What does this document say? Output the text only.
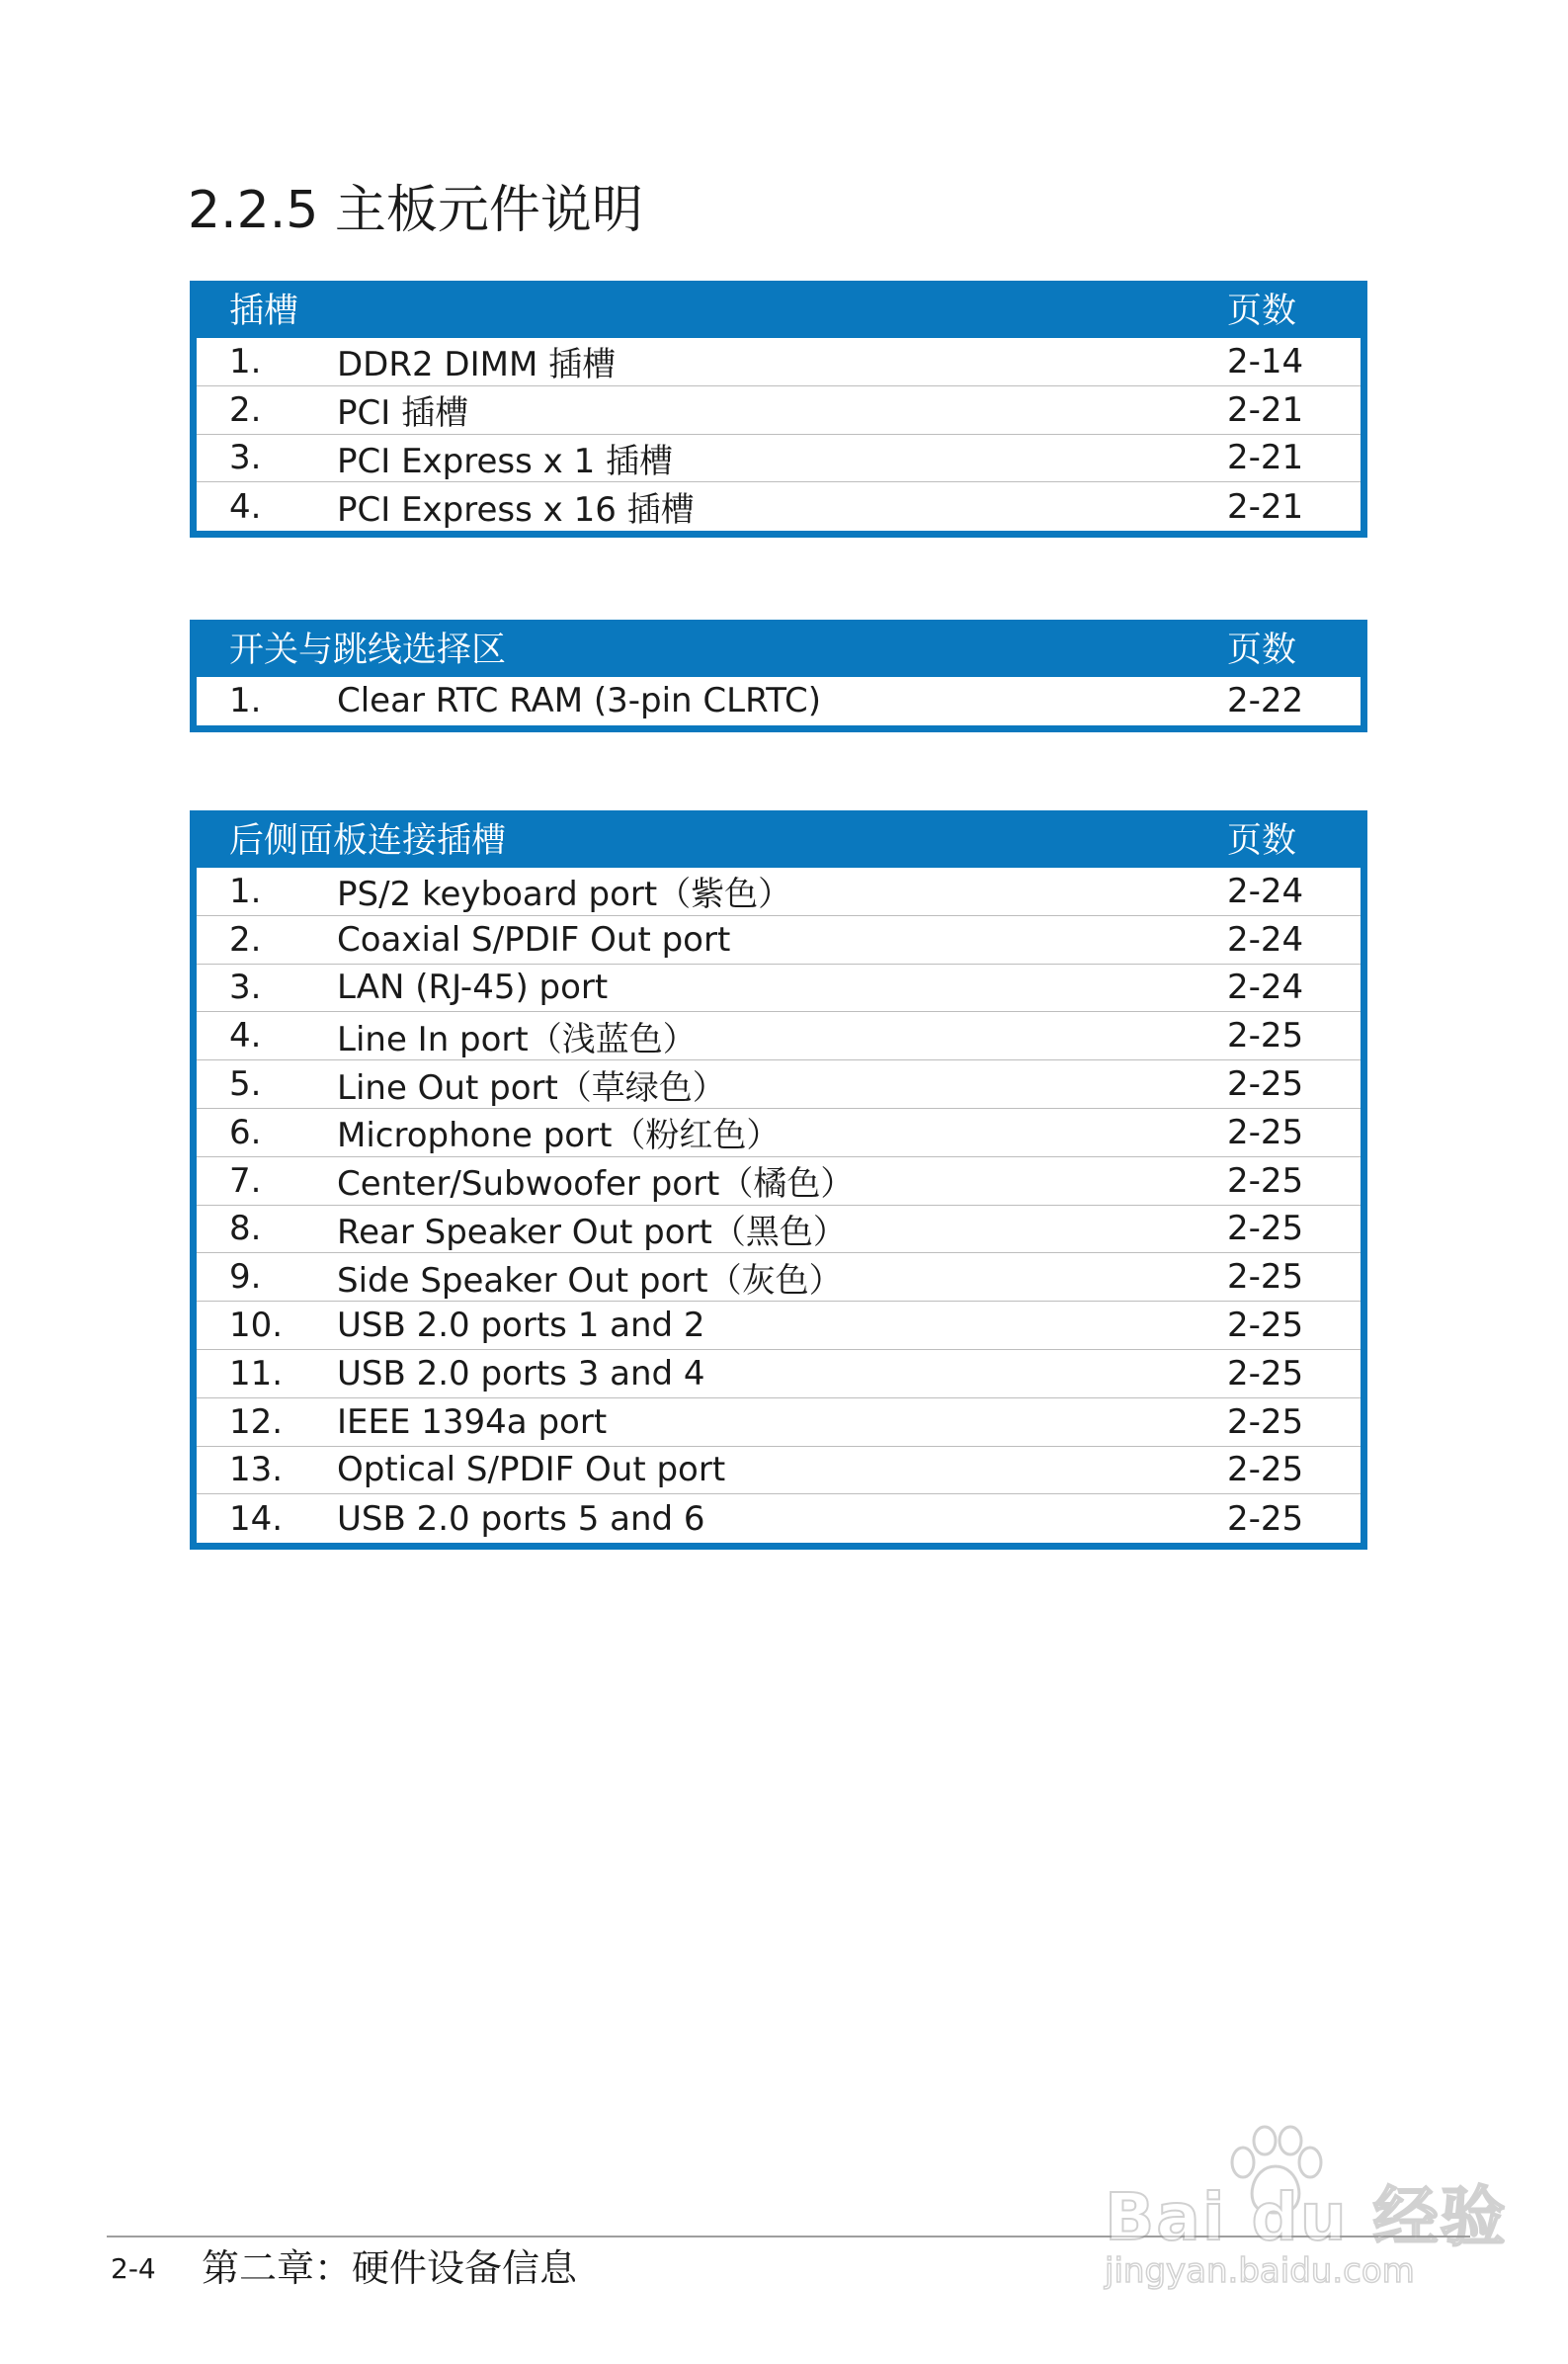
2.2.5 主板元件说明
插槽	页数
1.	DDR2 DIMM 插槽	2-14
2.	PCI 插槽	2-21
3.	PCI Express x 1 插槽	2-21
4.	PCI Express x 16 插槽	2-21
开关与跳线选择区	页数
1.	Clear RTC RAM (3-pin CLRTC)	2-22
后侧面板连接插槽	页数
1.	PS/2 keyboard port（紫色）	2-24
2.	Coaxial S/PDIF Out port	2-24
3.	LAN (RJ-45) port	2-24
4.	Line In port（浅蓝色）	2-25
5.	Line Out port（草绿色）	2-25
6.	Microphone port（粉红色）	2-25
7.	Center/Subwoofer port（橘色）	2-25
8.	Rear Speaker Out port（黑色）	2-25
9.	Side Speaker Out port（灰色）	2-25
10.	USB 2.0 ports 1 and 2	2-25
11.	USB 2.0 ports 3 and 4	2-25
12.	IEEE 1394a port	2-25
13.	Optical S/PDIF Out port	2-25
14.	USB 2.0 ports 5 and 6	2-25
2-4 第二章：硬件设备信息
Bai du 经验
jingyan.baidu.com
